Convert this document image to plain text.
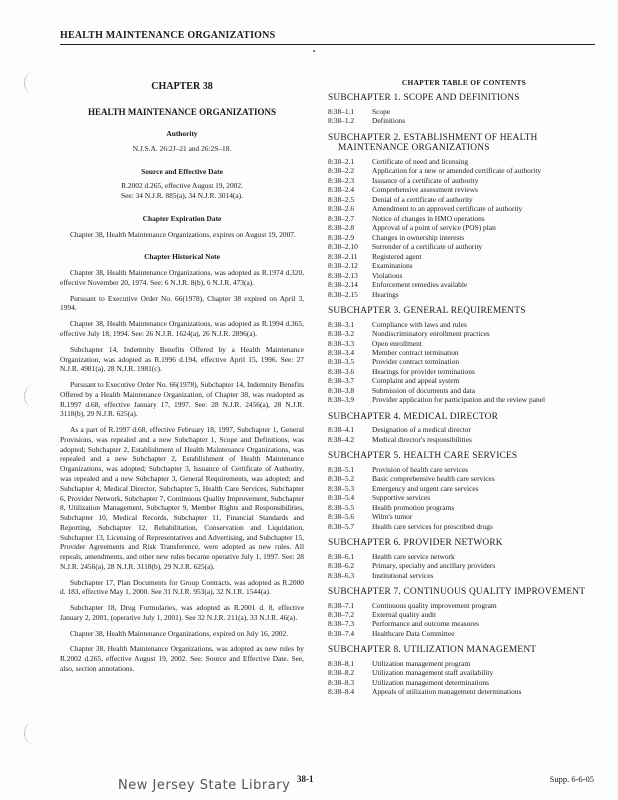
HEALTH MAINTENANCE ORGANIZATIONS
CHAPTER 38
HEALTH MAINTENANCE ORGANIZATIONS
Authority
N.J.S.A. 26:2J–21 and 26:2S–18.
Source and Effective Date
R.2002 d.265, effective August 19, 2002.
See: 34 N.J.R. 885(a), 34 N.J.R. 3014(a).
Chapter Expiration Date
Chapter 38, Health Maintenance Organizations, expires on August 19, 2007.
Chapter Historical Note
Chapter 38, Health Maintenance Organizations, was adopted as R.1974 d.320, effective November 20, 1974. See: 6 N.J.R. 8(b), 6 N.J.R. 473(a).
Pursuant to Executive Order No. 66(1978), Chapter 38 expired on April 3, 1994.
Chapter 38, Health Maintenance Organizations, was adopted as R.1994 d.365, effective July 18, 1994. See: 26 N.J.R. 1624(a), 26 N.J.R. 2896(a).
Subchapter 14, Indemnity Benefits Offered by a Health Maintenance Organization, was adopted as R.1996 d.194, effective April 15, 1996. See: 27 N.J.R. 4981(a), 28 N.J.R. 1981(c).
Pursuant to Executive Order No. 66(1978), Subchapter 14, Indemnity Benefits Offered by a Health Maintenance Organization, of Chapter 38, was readopted as R.1997 d.68, effective January 17, 1997. See: 28 N.J.R. 2456(a), 28 N.J.R. 3118(b), 29 N.J.R. 625(a).
As a part of R.1997 d.68, effective February 18, 1997, Subchapter 1, General Provisions, was repealed and a new Subchapter 1, Scope and Definitions, was adopted; Subchapter 2, Establishment of Health Maintenance Organizations, was repealed and a new Subchapter 2, Establishment of Health Maintenance Organizations, was adopted; Subchapter 3, Issuance of Certificate of Authority, was repealed and a new Subchapter 3, General Requirements, was adopted; and Subchapter 4, Medical Director, Subchapter 5, Health Care Services, Subchapter 6, Provider Network, Subchapter 7, Continuous Quality Improvement, Subchapter 8, Utilization Management, Subchapter 9, Member Rights and Responsibilities, Subchapter 10, Medical Records, Subchapter 11, Financial Standards and Reporting, Subchapter 12, Rehabilitation, Conservation and Liquidation, Subchapter 13, Licensing of Representatives and Advertising, and Subchapter 15, Provider Agreements and Risk Transference, were adopted as new rules. All repeals, amendments, and other new rules became operative July 1, 1997. See: 28 N.J.R. 2456(a), 28 N.J.R. 3118(b), 29 N.J.R. 625(a).
Subchapter 17, Plan Documents for Group Contracts, was adopted as R.2000 d. 183, effective May 1, 2000. See 31 N.J.R. 953(a), 32 N.J.R. 1544(a).
Subchapter 18, Drug Formularies, was adopted as R.2001 d. 8, effective January 2, 2001, (operative July 1, 2001). See 32 N.J.R. 211(a), 33 N.J.R. 46(a).
Chapter 38, Health Maintenance Organizations, expired on July 16, 2002.
Chapter 38, Health Maintenance Organizations, was adopted as new rules by R.2002 d.265, effective August 19, 2002. See: Source and Effective Date. See, also, section annotations.
CHAPTER TABLE OF CONTENTS
SUBCHAPTER 1. SCOPE AND DEFINITIONS
8:38–1.1	Scope
8:38–1.2	Definitions
SUBCHAPTER 2. ESTABLISHMENT OF HEALTH MAINTENANCE ORGANIZATIONS
8:38–2.1	Certificate of need and licensing
8:38–2.2	Application for a new or amended certificate of authority
8:38–2.3	Issuance of a certificate of authority
8:38–2.4	Comprehensive assessment reviews
8:38–2.5	Denial of a certificate of authority
8:38–2.6	Amendment to an approved certificate of authority
8:38–2.7	Notice of changes in HMO operations
8:38–2.8	Approval of a point of service (POS) plan
8:38–2.9	Changes in ownership interests
8:38–2.10	Surrender of a certificate of authority
8:38–2.11	Registered agent
8:38–2.12	Examinations
8:38–2.13	Violations
8:38–2.14	Enforcement remedies available
8:38–2.15	Hearings
SUBCHAPTER 3. GENERAL REQUIREMENTS
8:38–3.1	Compliance with laws and rules
8:38–3.2	Nondiscriminatory enrollment practices
8:38–3.3	Open enrollment
8:38–3.4	Member contract termination
8:38–3.5	Provider contract termination
8:38–3.6	Hearings for provider terminations
8:38–3.7	Complaint and appeal system
8:38–3.8	Submission of documents and data
8:38–3.9	Provider application for participation and the review panel
SUBCHAPTER 4. MEDICAL DIRECTOR
8:38–4.1	Designation of a medical director
8:38–4.2	Medical director's responsibilities
SUBCHAPTER 5. HEALTH CARE SERVICES
8:38–5.1	Provision of health care services
8:38–5.2	Basic comprehensive health care services
8:38–5.3	Emergency and urgent care services
8:38–5.4	Supportive services
8:38–5.5	Health promotion programs
8:38–5.6	Wilm's tumor
8:38–5.7	Health care services for prescribed drugs
SUBCHAPTER 6. PROVIDER NETWORK
8:38–6.1	Health care service network
8:38–6.2	Primary, specialty and ancillary providers
8:38–6.3	Institutional services
SUBCHAPTER 7. CONTINUOUS QUALITY IMPROVEMENT
8:38–7.1	Continuous quality improvement program
8:38–7.2	External quality audit
8:38–7.3	Performance and outcome measures
8:38–7.4	Healthcare Data Committee
SUBCHAPTER 8. UTILIZATION MANAGEMENT
8:38–8.1	Utilization management program
8:38–8.2	Utilization management staff availability
8:38–8.3	Utilization management determinations
8:38–8.4	Appeals of utilization management determinations
New Jersey State Library 38-1	Supp. 6-6-05
